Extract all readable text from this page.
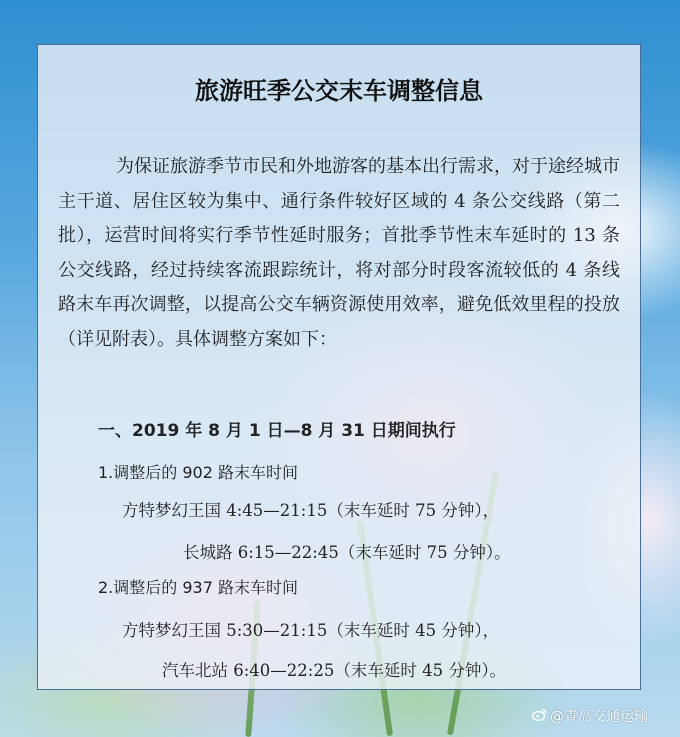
旅游旺季公交末车调整信息

为保证旅游季节市民和外地游客的基本出行需求，对于途经城市主干道、居住区较为集中、通行条件较好区域的 4 条公交线路（第二批），运营时间将实行季节性延时服务；首批季节性末车延时的 13 条公交线路，经过持续客流跟踪统计，将对部分时段客流较低的 4 条线路末车再次调整，以提高公交车辆资源使用效率，避免低效里程的投放（详见附表）。具体调整方案如下：

一、2019 年 8 月 1 日—8 月 31 日期间执行
1.调整后的 902 路末车时间
方特梦幻王国 4:45—21:15（末车延时 75 分钟），
长城路 6:15—22:45（末车延时 75 分钟）。
2.调整后的 937 路末车时间
方特梦幻王国 5:30—21:15（末车延时 45 分钟），
汽车北站 6:40—22:25（末车延时 45 分钟）。
@青岛交通运输
